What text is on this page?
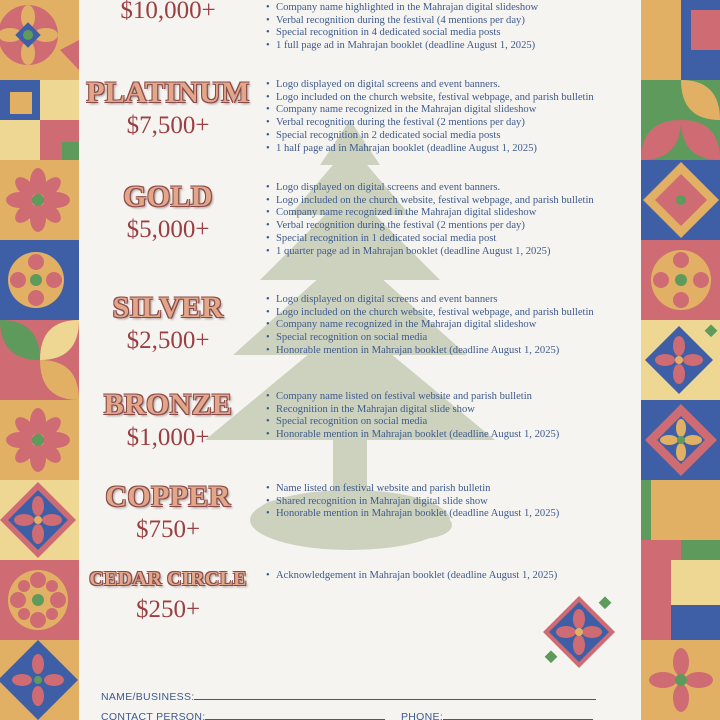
$10,000+
•	Company name highlighted in the Mahrajan digital slideshow
• Verbal recognition during the festival (4 mentions per day)
• Special recognition in 4 dedicated social media posts
• 1 full page ad in Mahrajan booklet (deadline August 1, 2025)
PLATINUM
$7,500+
• Logo displayed on digital screens and event banners.
• Logo included on the church website, festival webpage, and parish bulletin
• Company name recognized in the Mahrajan digital slideshow
• Verbal recognition during the festival (2 mentions per day)
• Special recognition in 2 dedicated social media posts
• 1 half page ad in Mahrajan booklet (deadline August 1, 2025)
GOLD
$5,000+
• Logo displayed on digital screens and event banners.
• Logo included on the church website, festival webpage, and parish bulletin
• Company name recognized in the Mahrajan digital slideshow
• Verbal recognition during the festival (2 mentions per day)
• Special recognition in 1 dedicated social media post
• 1 quarter page ad in Mahrajan booklet (deadline August 1, 2025)
SILVER
$2,500+
• Logo displayed on digital screens and event banners
• Logo included on the church website, festival webpage, and parish bulletin
• Company name recognized in the Mahrajan digital slideshow
• Special recognition on social media
• Honorable mention in Mahrajan booklet (deadline August 1, 2025)
BRONZE
$1,000+
• Company name listed on festival website and parish bulletin
• Recognition in the Mahrajan digital slide show
• Special recognition on social media
• Honorable mention in Mahrajan booklet (deadline August 1, 2025)
COPPER
$750+
• Name listed on festival website and parish bulletin
• Shared recognition in Mahrajan digital slide show
• Honorable mention in Mahrajan booklet (deadline August 1, 2025)
CEDAR CIRCLE
$250+
• Acknowledgement in Mahrajan booklet (deadline August 1, 2025)
NAME/BUSINESS:
CONTACT PERSON:	PHONE:
